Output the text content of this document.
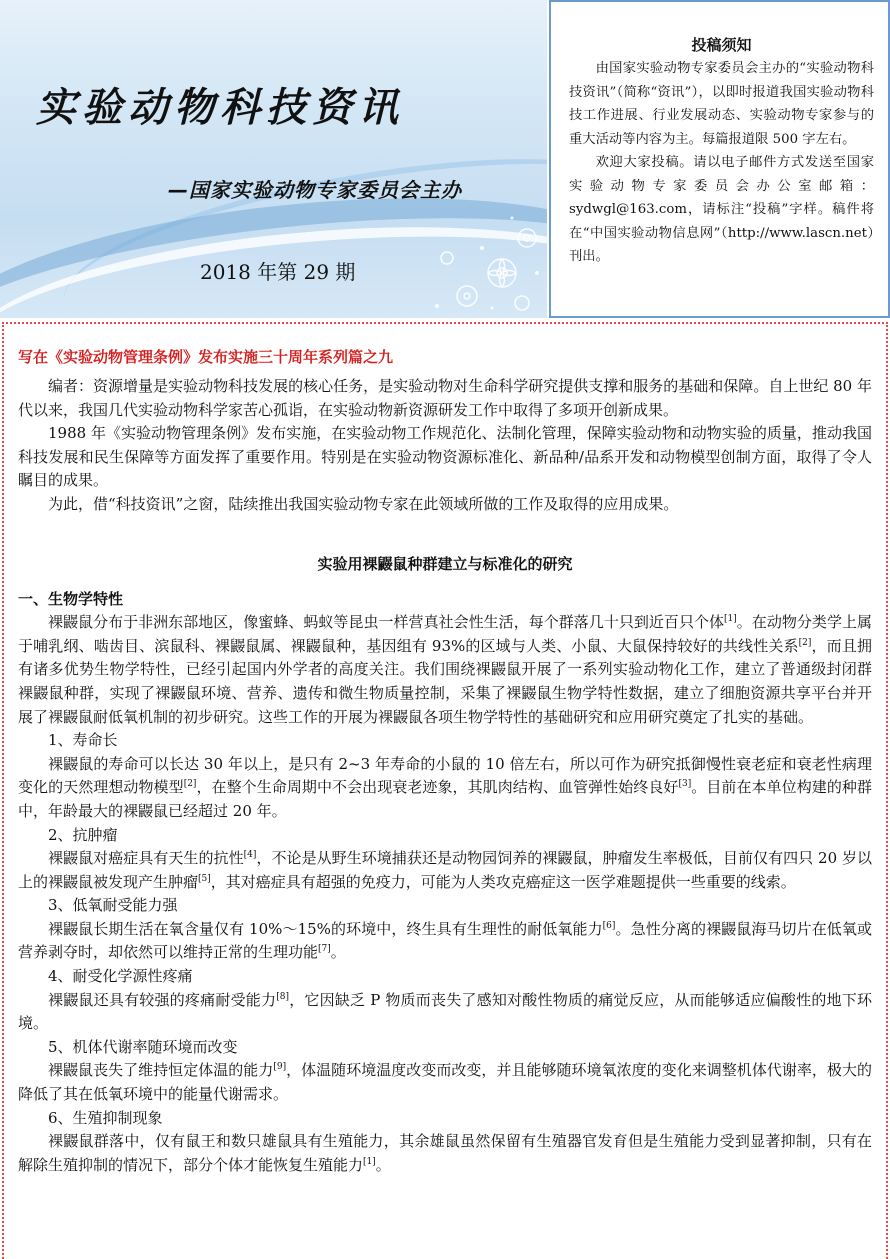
实验动物科技资讯
—国家实验动物专家委员会主办
2018 年第 29 期
投稿须知

由国家实验动物专家委员会主办的“实验动物科技资讯”（简称“资讯”），以即时报道我国实验动物科技工作进展、行业发展动态、实验动物专家参与的重大活动等内容为主。每篇报道限 500 字左右。

欢迎大家投稿。请以电子邮件方式发送至国家实验动物专家委员会办公室邮箱：sydwgl@163.com，请标注“投稿”字样。稿件将在“中国实验动物信息网”（http://www.lascn.net）刊出。

写在《实验动物管理条例》发布实施三十周年系列篇之九

编者：资源增量是实验动物科技发展的核心任务，是实验动物对生命科学研究提供支撑和服务的基础和保障。自上世纪 80 年代以来，我国几代实验动物科学家苦心孤诣，在实验动物新资源研发工作中取得了多项开创新成果。

1988 年《实验动物管理条例》发布实施，在实验动物工作规范化、法制化管理，保障实验动物和动物实验的质量，推动我国科技发展和民生保障等方面发挥了重要作用。特别是在实验动物资源标准化、新品种/品系开发和动物模型创制方面，取得了令人瞩目的成果。

为此，借“科技资讯”之窗，陆续推出我国实验动物专家在此领域所做的工作及取得的应用成果。

实验用裸鼹鼠种群建立与标准化的研究
一、生物学特性

裸鼹鼠分布于非洲东部地区，像蜜蜂、蚂蚁等昆虫一样营真社会性生活，每个群落几十只到近百只个体[1]。在动物分类学上属于哺乳纲、啮齿目、滨鼠科、裸鼹鼠属、裸鼹鼠种，基因组有 93%的区域与人类、小鼠、大鼠保持较好的共线性关系[2]，而且拥有诸多优势生物学特性，已经引起国内外学者的高度关注。我们围绕裸鼹鼠开展了一系列实验动物化工作，建立了普通级封闭群裸鼹鼠种群，实现了裸鼹鼠环境、营养、遗传和微生物质量控制，采集了裸鼹鼠生物学特性数据，建立了细胞资源共享平台并开展了裸鼹鼠耐低氧机制的初步研究。这些工作的开展为裸鼹鼠各项生物学特性的基础研究和应用研究奠定了扎实的基础。

1、寿命长

裸鼹鼠的寿命可以长达 30 年以上，是只有 2~3 年寿命的小鼠的 10 倍左右，所以可作为研究抵御慢性衰老症和衰老性病理变化的天然理想动物模型[2]，在整个生命周期中不会出现衰老迹象，其肌肉结构、血管弹性始终良好[3]。目前在本单位构建的种群中，年龄最大的裸鼹鼠已经超过 20 年。

2、抗肿瘤

裸鼹鼠对癌症具有天生的抗性[4]，不论是从野生环境捕获还是动物园饲养的裸鼹鼠，肿瘤发生率极低，目前仅有四只 20 岁以上的裸鼹鼠被发现产生肿瘤[5]，其对癌症具有超强的免疫力，可能为人类攻克癌症这一医学难题提供一些重要的线索。

3、低氧耐受能力强

裸鼹鼠长期生活在氧含量仅有 10%～15%的环境中，终生具有生理性的耐低氧能力[6]。急性分离的裸鼹鼠海马切片在低氧或营养剥夺时，却依然可以维持正常的生理功能[7]。

4、耐受化学源性疼痛

裸鼹鼠还具有较强的疼痛耐受能力[8]，它因缺乏 P 物质而丧失了感知对酸性物质的痛觉反应，从而能够适应偏酸性的地下环境。

5、机体代谢率随环境而改变

裸鼹鼠丧失了维持恒定体温的能力[9]，体温随环境温度改变而改变，并且能够随环境氧浓度的变化来调整机体代谢率，极大的降低了其在低氧环境中的能量代谢需求。

6、生殖抑制现象

裸鼹鼠群落中，仅有鼠王和数只雄鼠具有生殖能力，其余雄鼠虽然保留有生殖器官发育但是生殖能力受到显著抑制，只有在解除生殖抑制的情况下，部分个体才能恢复生殖能力[1]。
